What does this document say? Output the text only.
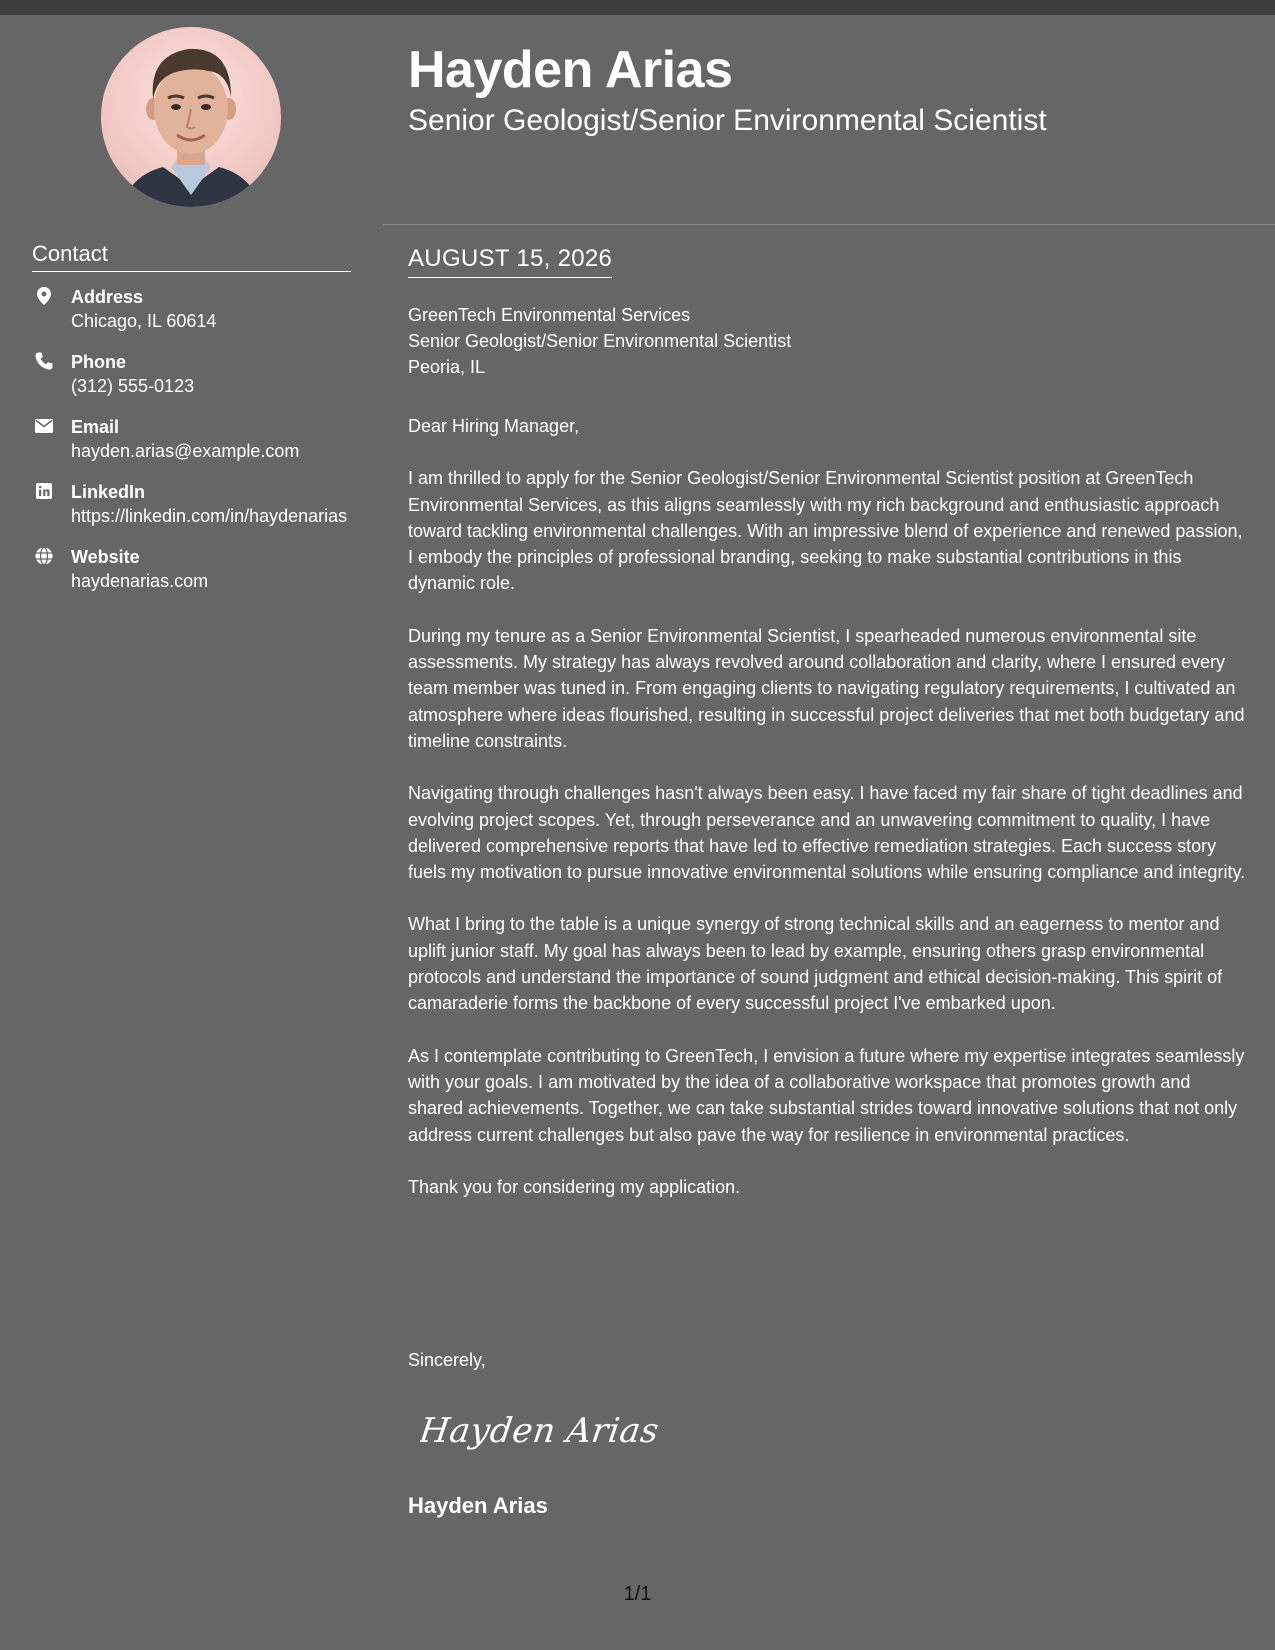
Contact
Address
Chicago, IL 60614
Phone
(312) 555-0123
Email
hayden.arias@example.com
LinkedIn
https://linkedin.com/in/haydenarias
Website
haydenarias.com
Hayden Arias
Senior Geologist/Senior Environmental Scientist
AUGUST 15, 2026
GreenTech Environmental Services
Senior Geologist/Senior Environmental Scientist
Peoria, IL

Dear Hiring Manager,

I am thrilled to apply for the Senior Geologist/Senior Environmental Scientist position at GreenTech Environmental Services, as this aligns seamlessly with my rich background and enthusiastic approach toward tackling environmental challenges. With an impressive blend of experience and renewed passion, I embody the principles of professional branding, seeking to make substantial contributions in this dynamic role.

During my tenure as a Senior Environmental Scientist, I spearheaded numerous environmental site assessments. My strategy has always revolved around collaboration and clarity, where I ensured every team member was tuned in. From engaging clients to navigating regulatory requirements, I cultivated an atmosphere where ideas flourished, resulting in successful project deliveries that met both budgetary and timeline constraints.

Navigating through challenges hasn't always been easy. I have faced my fair share of tight deadlines and evolving project scopes. Yet, through perseverance and an unwavering commitment to quality, I have delivered comprehensive reports that have led to effective remediation strategies. Each success story fuels my motivation to pursue innovative environmental solutions while ensuring compliance and integrity.

What I bring to the table is a unique synergy of strong technical skills and an eagerness to mentor and uplift junior staff. My goal has always been to lead by example, ensuring others grasp environmental protocols and understand the importance of sound judgment and ethical decision-making. This spirit of camaraderie forms the backbone of every successful project I've embarked upon.

As I contemplate contributing to GreenTech, I envision a future where my expertise integrates seamlessly with your goals. I am motivated by the idea of a collaborative workspace that promotes growth and shared achievements. Together, we can take substantial strides toward innovative solutions that not only address current challenges but also pave the way for resilience in environmental practices.

Thank you for considering my application.

Sincerely,
Hayden Arias
Hayden Arias
1/1
